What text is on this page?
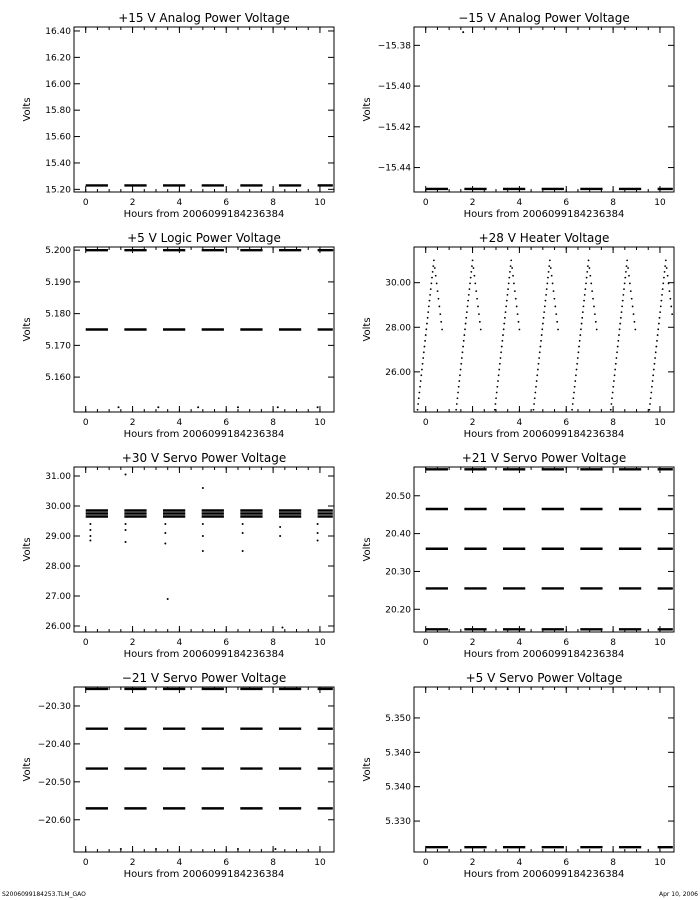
+15 V Analog Power Voltage
0	2	4	6	8	10
15.20
15.40
15.60
15.80
16.00
16.20
16.40
Hours from 2006099184236384
Volts
−15 V Analog Power Voltage
0	2	4	6	8	10
−15.38
−15.40
−15.42
−15.44
Hours from 2006099184236384
Volts
+5 V Logic Power Voltage
0	2	4	6	8	10
5.160
5.170
5.180
5.190
5.200
Hours from 2006099184236384
Volts
+28 V Heater Voltage
0	2	4	6	8	10
26.00
28.00
30.00
Hours from 2006099184236384
Volts
+30 V Servo Power Voltage
0	2	4	6	8	10
26.00
27.00
28.00
29.00
30.00
31.00
Hours from 2006099184236384
Volts
+21 V Servo Power Voltage
0	2	4	6	8	10
20.20
20.30
20.40
20.50
Hours from 2006099184236384
Volts
−21 V Servo Power Voltage
0	2	4	6	8	10
−20.30
−20.40
−20.50
−20.60
Hours from 2006099184236384
Volts
+5 V Servo Power Voltage
0	2	4	6	8	10
5.330
5.340
5.340
5.350
Hours from 2006099184236384
Volts
S2006099184253.TLM_GAO	Apr 10, 2006
